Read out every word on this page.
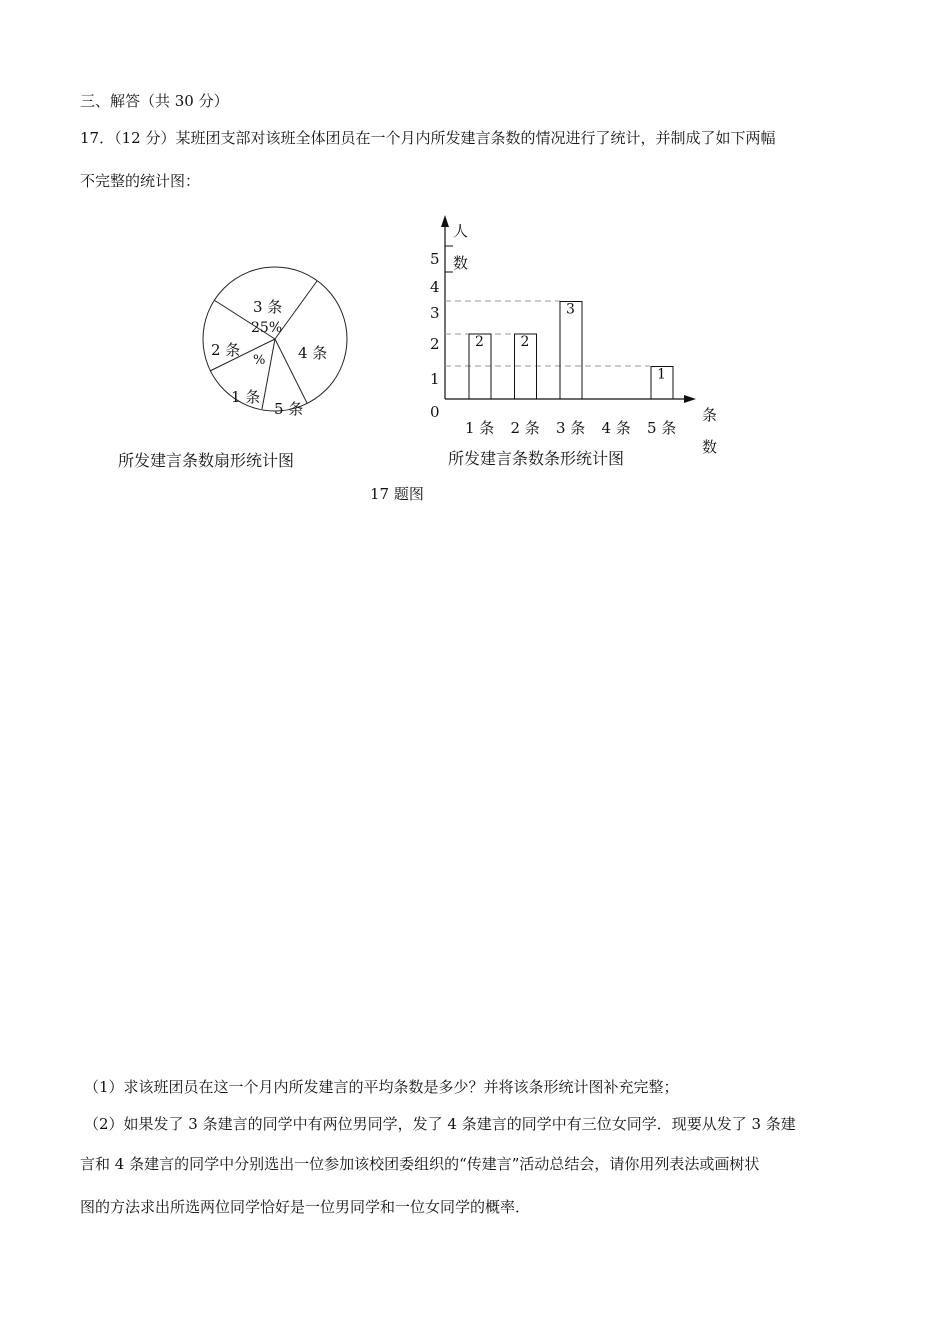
三、解答（共 30 分）
17．（12 分）某班团支部对该班全体团员在一个月内所发建言条数的情况进行了统计，并制成了如下两幅
不完整的统计图：
3 条
25%
4 条
5 条
1 条
2 条
%
所发建言条数扇形统计图
人
数
条
数
0
1
2
3
4
5
2
1 条
2
2 条
3
3 条 4 条
1
5 条
所发建言条数条形统计图
17 题图
（1）求该班团员在这一个月内所发建言的平均条数是多少？并将该条形统计图补充完整；
（2）如果发了 3 条建言的同学中有两位男同学，发了 4 条建言的同学中有三位女同学．现要从发了 3 条建
言和 4 条建言的同学中分别选出一位参加该校团委组织的“传建言”活动总结会，请你用列表法或画树状
图的方法求出所选两位同学恰好是一位男同学和一位女同学的概率．
